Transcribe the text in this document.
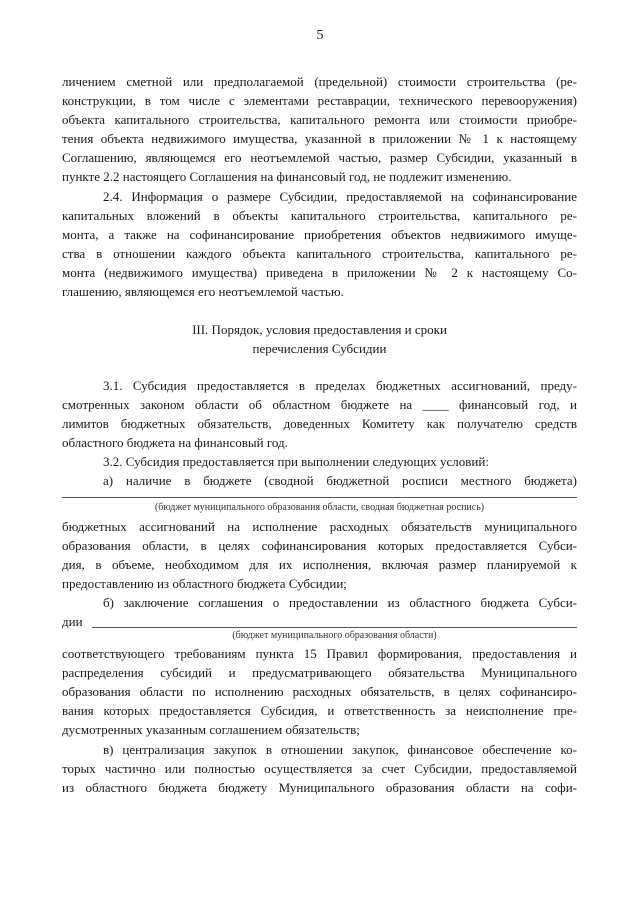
5
личением сметной или предполагаемой (предельной) стоимости строительства (ре-
конструкции, в том числе с элементами реставрации, технического перевооружения)
объекта капитального строительства, капитального ремонта или стоимости приобре-
тения объекта недвижимого имущества, указанной в приложении № 1 к настоящему
Соглашению, являющемся его неотъемлемой частью, размер Субсидии, указанный в
пункте 2.2 настоящего Соглашения на финансовый год, не подлежит изменению.
2.4. Информация о размере Субсидии, предоставляемой на софинансирование
капитальных вложений в объекты капитального строительства, капитального ре-
монта, а также на софинансирование приобретения объектов недвижимого имуще-
ства в отношении каждого объекта капитального строительства, капитального ре-
монта (недвижимого имущества) приведена в приложении № 2 к настоящему Со-
глашению, являющемся его неотъемлемой частью.
III. Порядок, условия предоставления и сроки
перечисления Субсидии
3.1. Субсидия предоставляется в пределах бюджетных ассигнований, преду-
смотренных законом области об областном бюджете на ____ финансовый год, и
лимитов бюджетных обязательств, доведенных Комитету как получателю средств
областного бюджета на финансовый год.
3.2. Субсидия предоставляется при выполнении следующих условий:
а) наличие в бюджете (сводной бюджетной росписи местного бюджета)
(бюджет муниципального образования области, сводная бюджетная роспись)
бюджетных ассигнований на исполнение расходных обязательств муниципального
образования области, в целях софинансирования которых предоставляется Субси-
дия, в объеме, необходимом для их исполнения, включая размер планируемой к
предоставлению из областного бюджета Субсидии;
б) заключение соглашения о предоставлении из областного бюджета Субси-
дии
(бюджет муниципального образования области)
соответствующего требованиям пункта 15 Правил формирования, предоставления и
распределения субсидий и предусматривающего обязательства Муниципального
образования области по исполнению расходных обязательств, в целях софинансиро-
вания которых предоставляется Субсидия, и ответственность за неисполнение пре-
дусмотренных указанным соглашением обязательств;
в) централизация закупок в отношении закупок, финансовое обеспечение ко-
торых частично или полностью осуществляется за счет Субсидии, предоставляемой
из областного бюджета бюджету Муниципального образования области на софи-
